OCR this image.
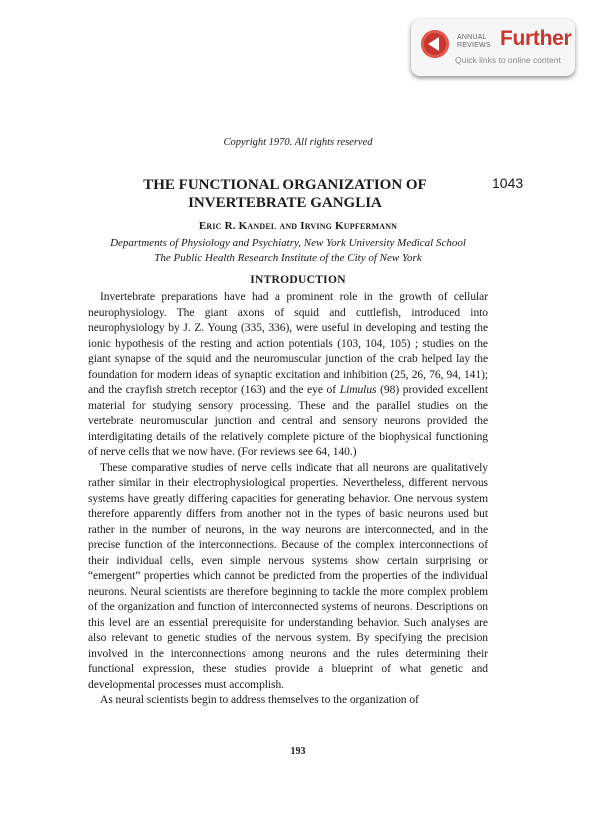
ANNUAL
REVIEWS Further
Quick links to online content
Copyright 1970. All rights reserved
1043
THE FUNCTIONAL ORGANIZATION OF
INVERTEBRATE GANGLIA
Eric R. Kandel and Irving Kupfermann
Departments of Physiology and Psychiatry, New York University Medical School
The Public Health Research Institute of the City of New York
INTRODUCTION

Invertebrate preparations have had a prominent role in the growth of cellular neurophysiology. The giant axons of squid and cuttlefish, introduced into neurophysiology by J. Z. Young (335, 336), were useful in developing and testing the ionic hypothesis of the resting and action potentials (103, 104, 105) ; studies on the giant synapse of the squid and the neuromuscular junction of the crab helped lay the foundation for modern ideas of synaptic excitation and inhibition (25, 26, 76, 94, 141); and the crayfish stretch receptor (163) and the eye of Limulus (98) provided excellent material for studying sensory processing. These and the parallel studies on the vertebrate neuromuscular junction and central and sensory neurons provided the interdigitating details of the relatively complete picture of the biophysical functioning of nerve cells that we now have. (For reviews see 64, 140.)

These comparative studies of nerve cells indicate that all neurons are qualitatively rather similar in their electrophysiological properties. Nevertheless, different nervous systems have greatly differing capacities for generating behavior. One nervous system therefore apparently differs from another not in the types of basic neurons used but rather in the number of neurons, in the way neurons are interconnected, and in the precise function of the interconnections. Because of the complex interconnections of their individual cells, even simple nervous systems show certain surprising or “emergent” properties which cannot be predicted from the properties of the individual neurons. Neural scientists are therefore beginning to tackle the more complex problem of the organization and function of interconnected systems of neurons. Descriptions on this level are an essential prerequisite for understanding behavior. Such analyses are also relevant to genetic studies of the nervous system. By specifying the precision involved in the interconnections among neurons and the rules determining their functional expression, these studies provide a blueprint of what genetic and developmental processes must accomplish.

As neural scientists begin to address themselves to the organization of

193
